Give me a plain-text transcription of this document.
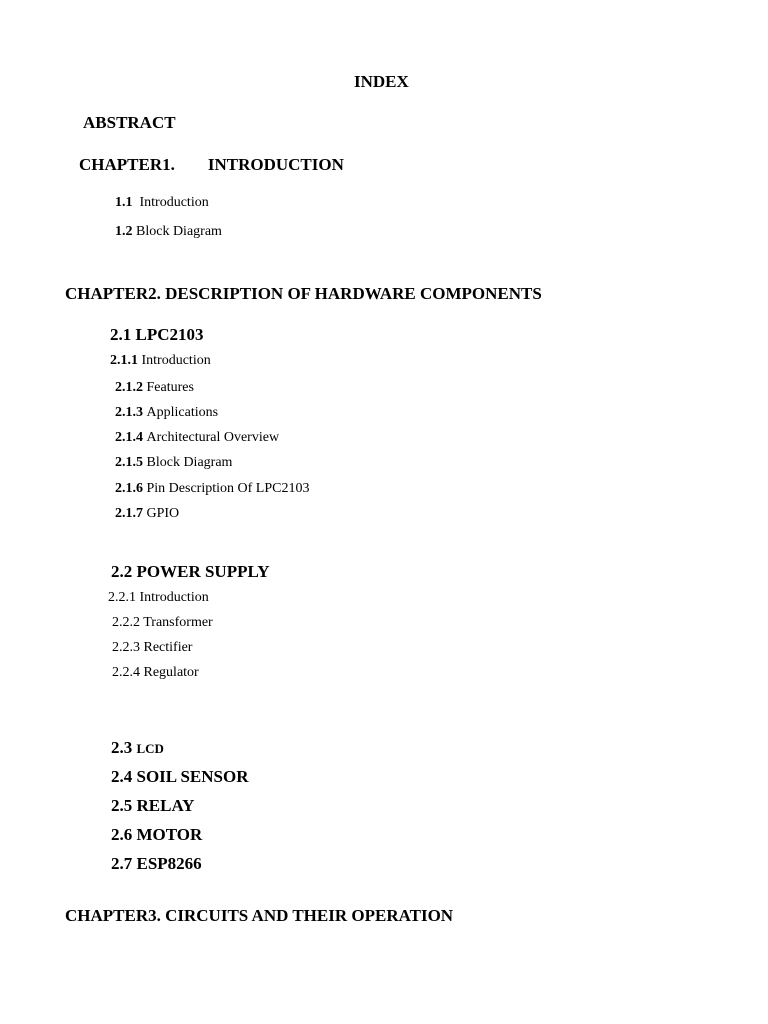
INDEX
ABSTRACT
CHAPTER1. INTRODUCTION
1.1 Introduction
1.2 Block Diagram
CHAPTER2. DESCRIPTION OF HARDWARE COMPONENTS
2.1 LPC2103
2.1.1 Introduction
2.1.2 Features
2.1.3 Applications
2.1.4 Architectural Overview
2.1.5 Block Diagram
2.1.6 Pin Description Of LPC2103
2.1.7 GPIO
2.2 POWER SUPPLY
2.2.1 Introduction
2.2.2 Transformer
2.2.3 Rectifier
2.2.4 Regulator
2.3 LCD
2.4 SOIL SENSOR
2.5 RELAY
2.6 MOTOR
2.7 ESP8266
CHAPTER3. CIRCUITS AND THEIR OPERATION
